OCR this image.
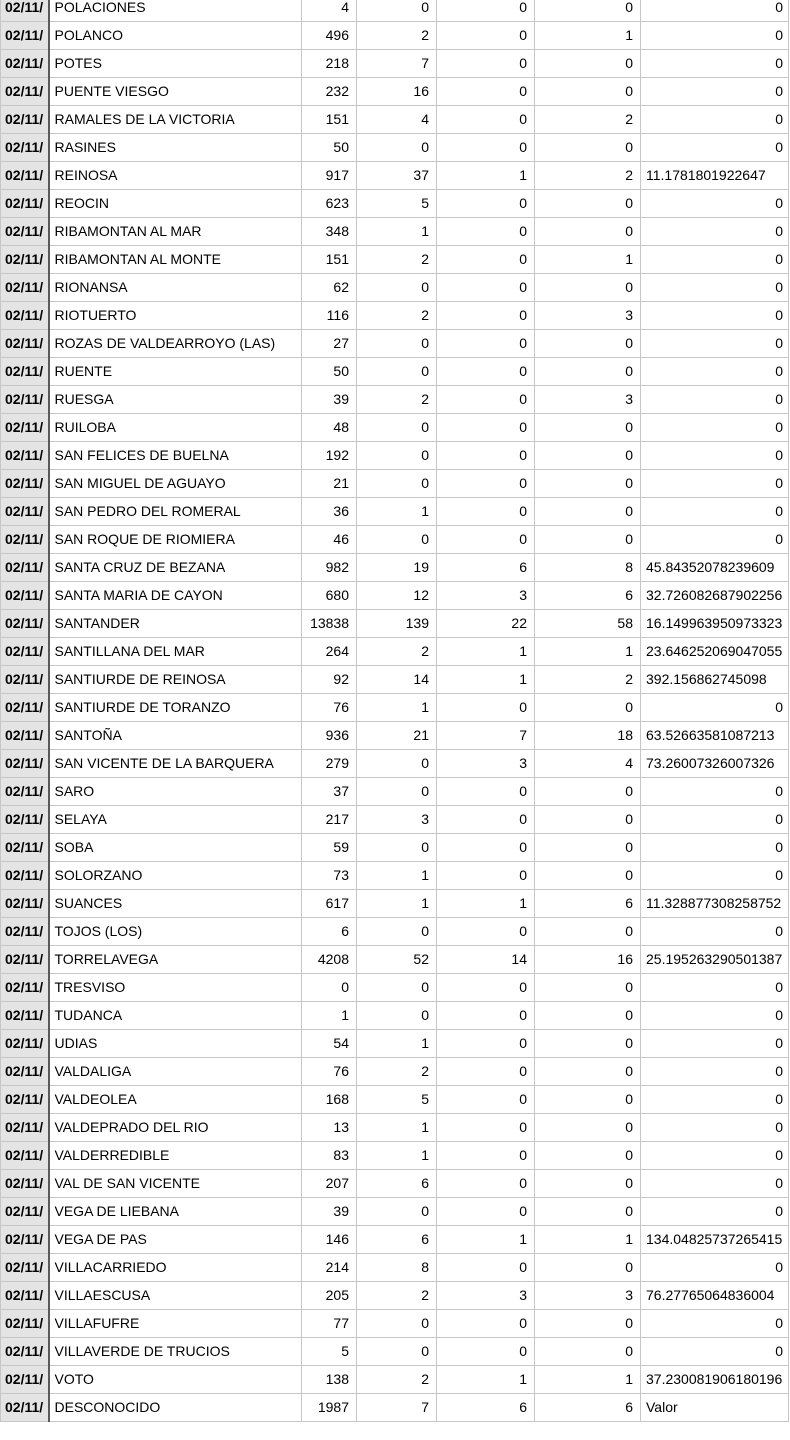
02/11/	POLACIONES	4	0	0	0	0
02/11/	POLANCO	496	2	0	1	0
02/11/	POTES	218	7	0	0	0
02/11/	PUENTE VIESGO	232	16	0	0	0
02/11/	RAMALES DE LA VICTORIA	151	4	0	2	0
02/11/	RASINES	50	0	0	0	0
02/11/	REINOSA	917	37	1	2	11.1781801922647
02/11/	REOCIN	623	5	0	0	0
02/11/	RIBAMONTAN AL MAR	348	1	0	0	0
02/11/	RIBAMONTAN AL MONTE	151	2	0	1	0
02/11/	RIONANSA	62	0	0	0	0
02/11/	RIOTUERTO	116	2	0	3	0
02/11/	ROZAS DE VALDEARROYO (LAS)	27	0	0	0	0
02/11/	RUENTE	50	0	0	0	0
02/11/	RUESGA	39	2	0	3	0
02/11/	RUILOBA	48	0	0	0	0
02/11/	SAN FELICES DE BUELNA	192	0	0	0	0
02/11/	SAN MIGUEL DE AGUAYO	21	0	0	0	0
02/11/	SAN PEDRO DEL ROMERAL	36	1	0	0	0
02/11/	SAN ROQUE DE RIOMIERA	46	0	0	0	0
02/11/	SANTA CRUZ DE BEZANA	982	19	6	8	45.84352078239609
02/11/	SANTA MARIA DE CAYON	680	12	3	6	32.726082687902256
02/11/	SANTANDER	13838	139	22	58	16.149963950973323
02/11/	SANTILLANA DEL MAR	264	2	1	1	23.646252069047055
02/11/	SANTIURDE DE REINOSA	92	14	1	2	392.156862745098
02/11/	SANTIURDE DE TORANZO	76	1	0	0	0
02/11/	SANTOÑA	936	21	7	18	63.52663581087213
02/11/	SAN VICENTE DE LA BARQUERA	279	0	3	4	73.26007326007326
02/11/	SARO	37	0	0	0	0
02/11/	SELAYA	217	3	0	0	0
02/11/	SOBA	59	0	0	0	0
02/11/	SOLORZANO	73	1	0	0	0
02/11/	SUANCES	617	1	1	6	11.328877308258752
02/11/	TOJOS (LOS)	6	0	0	0	0
02/11/	TORRELAVEGA	4208	52	14	16	25.195263290501387
02/11/	TRESVISO	0	0	0	0	0
02/11/	TUDANCA	1	0	0	0	0
02/11/	UDIAS	54	1	0	0	0
02/11/	VALDALIGA	76	2	0	0	0
02/11/	VALDEOLEA	168	5	0	0	0
02/11/	VALDEPRADO DEL RIO	13	1	0	0	0
02/11/	VALDERREDIBLE	83	1	0	0	0
02/11/	VAL DE SAN VICENTE	207	6	0	0	0
02/11/	VEGA DE LIEBANA	39	0	0	0	0
02/11/	VEGA DE PAS	146	6	1	1	134.04825737265415
02/11/	VILLACARRIEDO	214	8	0	0	0
02/11/	VILLAESCUSA	205	2	3	3	76.27765064836004
02/11/	VILLAFUFRE	77	0	0	0	0
02/11/	VILLAVERDE DE TRUCIOS	5	0	0	0	0
02/11/	VOTO	138	2	1	1	37.230081906180196
02/11/	DESCONOCIDO	1987	7	6	6	Valor
